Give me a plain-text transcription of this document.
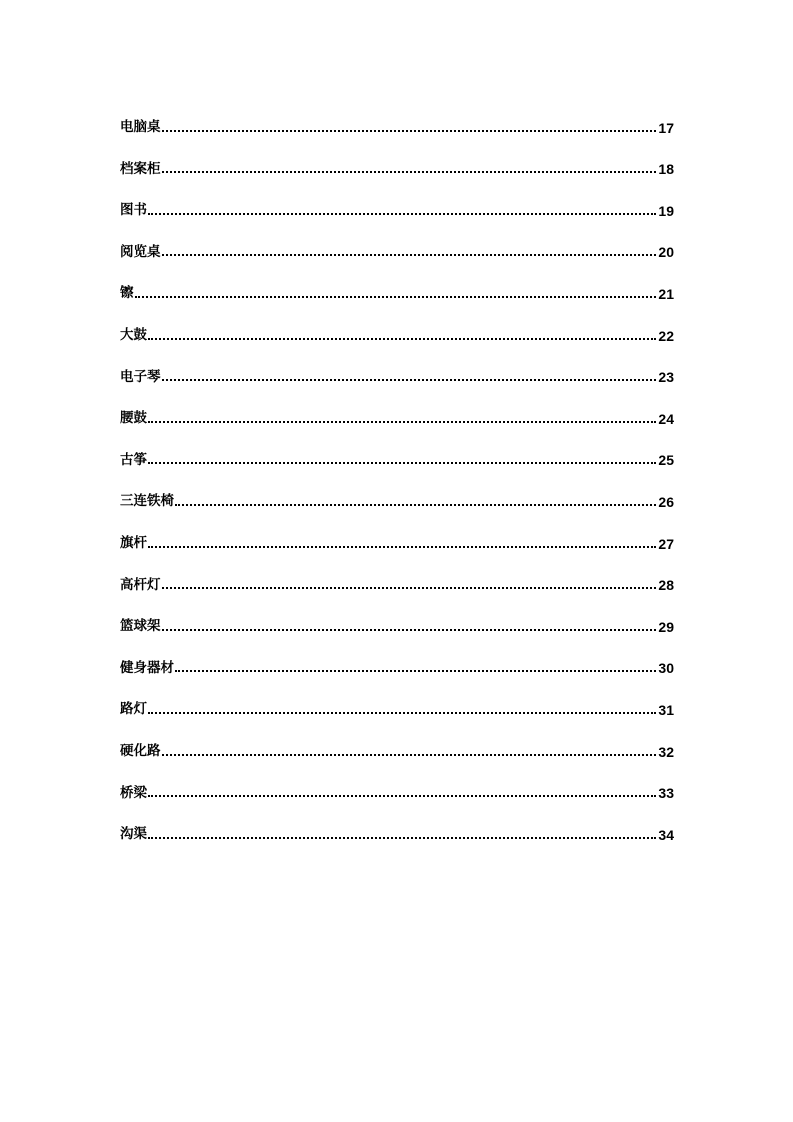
电脑桌	17
档案柜	18
图书	19
阅览桌	20
镲	21
大鼓	22
电子琴	23
腰鼓	24
古筝	25
三连铁椅	26
旗杆	27
高杆灯	28
篮球架	29
健身器材	30
路灯	31
硬化路	32
桥梁	33
沟渠	34
